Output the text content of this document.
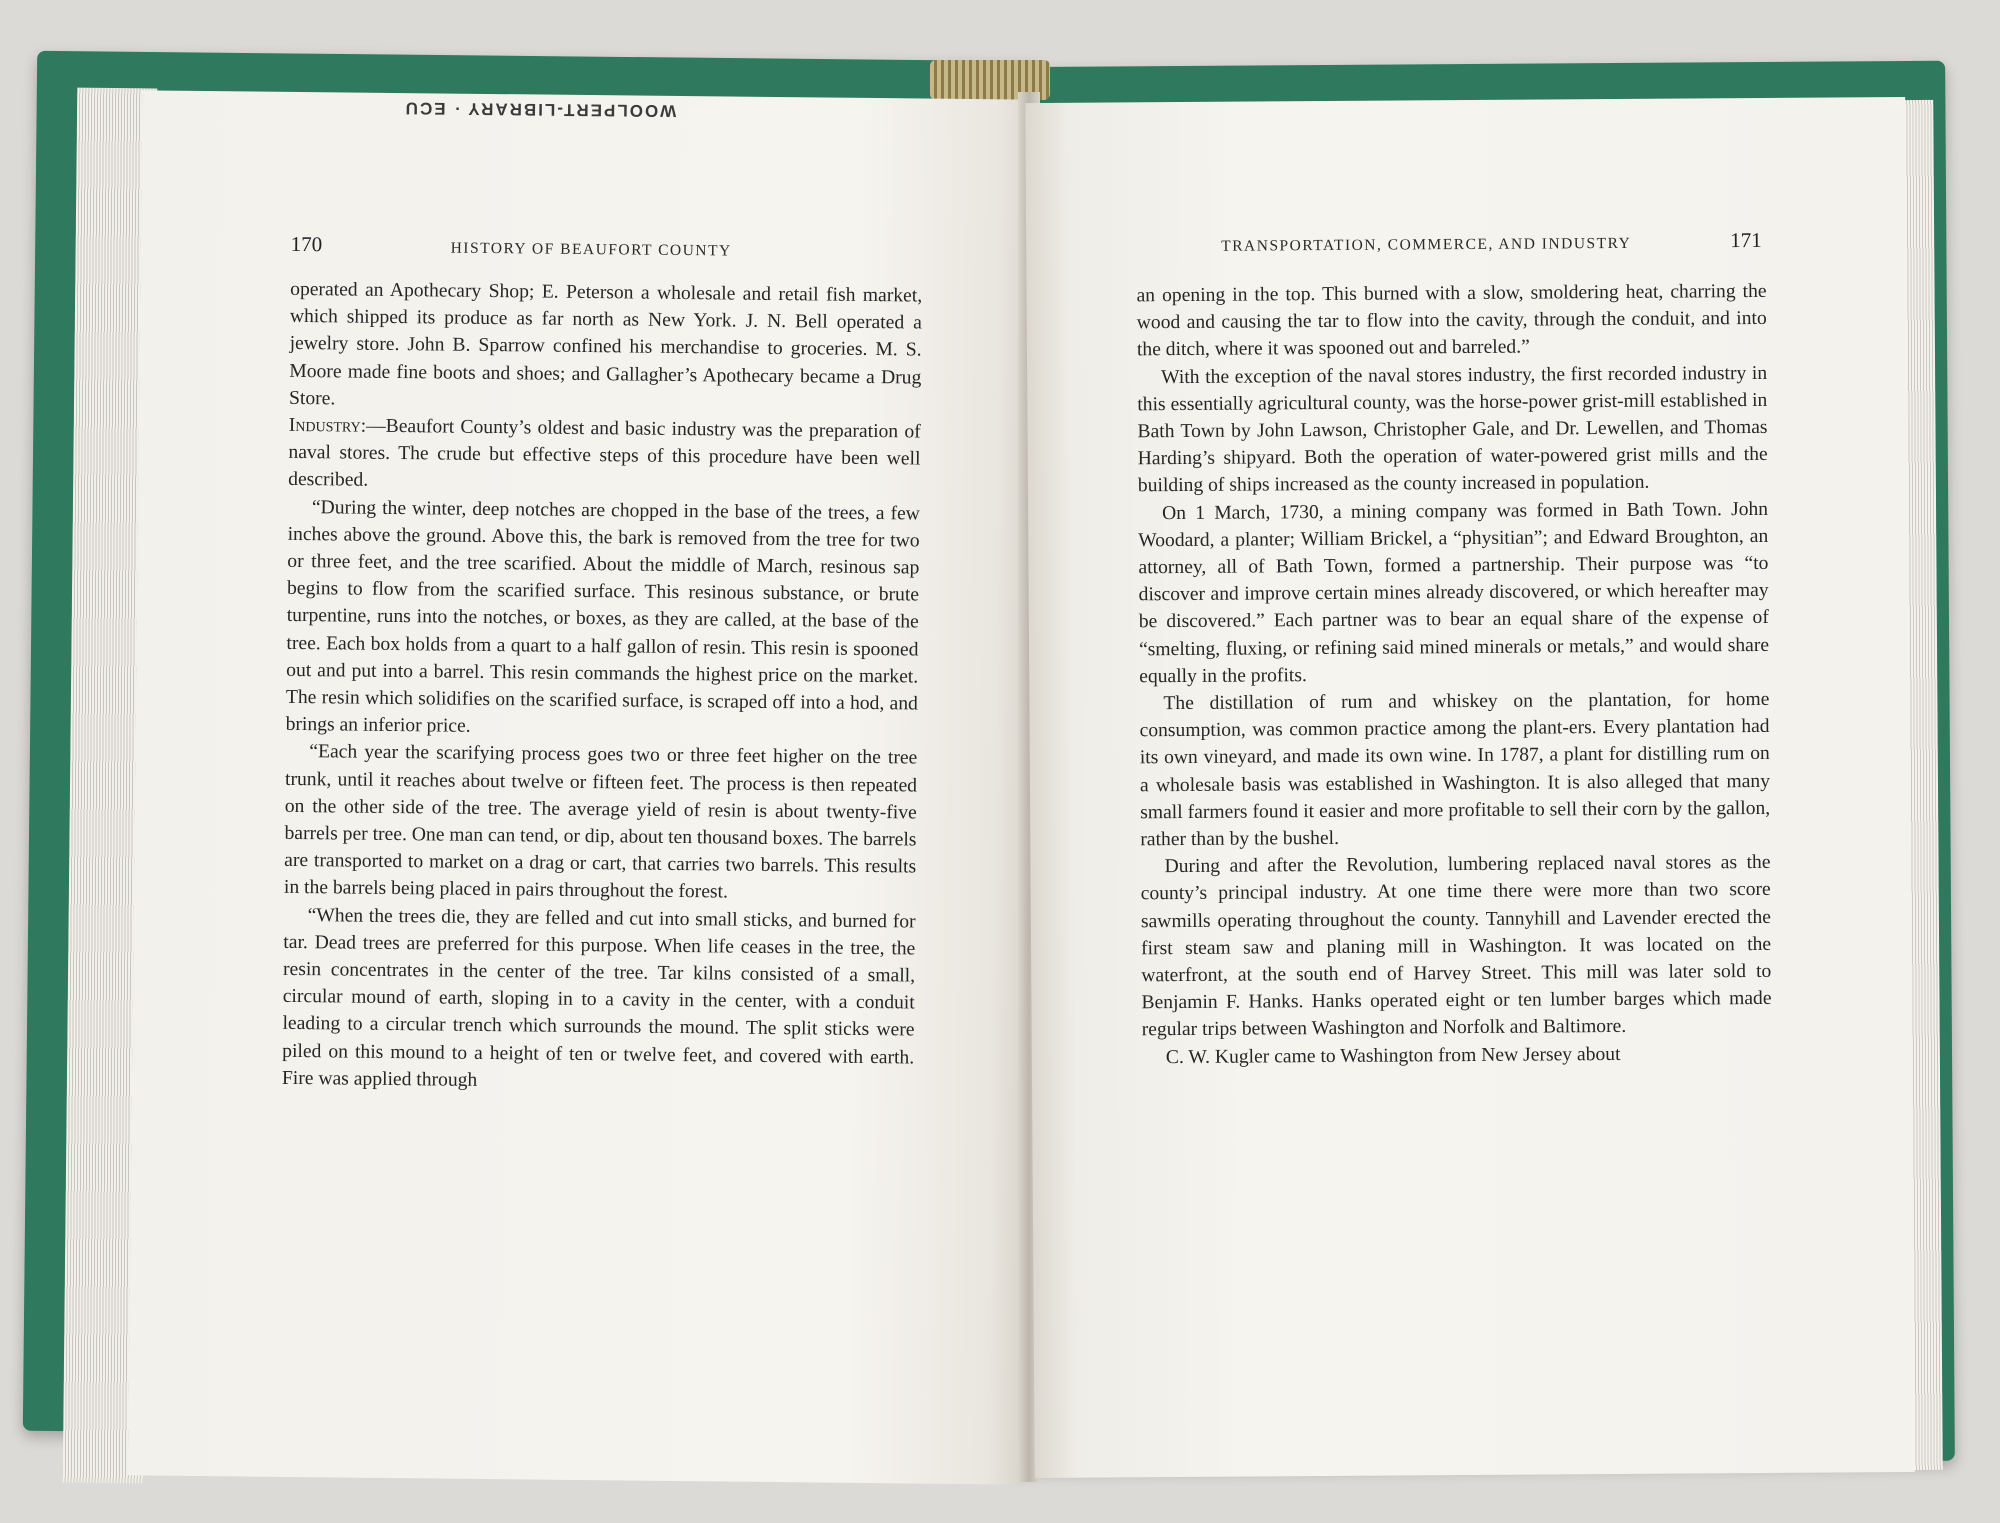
170	HISTORY OF BEAUFORT COUNTY

operated an Apothecary Shop; E. Peterson a wholesale and retail fish market, which shipped its produce as far north as New York. J. N. Bell operated a jewelry store. John B. Sparrow confined his merchandise to groceries. M. S. Moore made fine boots and shoes; and Gallagher’s Apothecary became a Drug Store.

Industry:—Beaufort County’s oldest and basic industry was the preparation of naval stores. The crude but effective steps of this procedure have been well described.

“During the winter, deep notches are chopped in the base of the trees, a few inches above the ground. Above this, the bark is removed from the tree for two or three feet, and the tree scarified. About the middle of March, resinous sap begins to flow from the scarified surface. This resinous substance, or brute turpentine, runs into the notches, or boxes, as they are called, at the base of the tree. Each box holds from a quart to a half gallon of resin. This resin is spooned out and put into a barrel. This resin commands the highest price on the market. The resin which solidifies on the scarified surface, is scraped off into a hod, and brings an inferior price.

“Each year the scarifying process goes two or three feet higher on the tree trunk, until it reaches about twelve or fifteen feet. The process is then repeated on the other side of the tree. The average yield of resin is about twenty-five barrels per tree. One man can tend, or dip, about ten thousand boxes. The barrels are transported to market on a drag or cart, that carries two barrels. This results in the barrels being placed in pairs throughout the forest.

“When the trees die, they are felled and cut into small sticks, and burned for tar. Dead trees are preferred for this purpose. When life ceases in the tree, the resin concentrates in the center of the tree. Tar kilns consisted of a small, circular mound of earth, sloping in to a cavity in the center, with a conduit leading to a circular trench which surrounds the mound. The split sticks were piled on this mound to a height of ten or twelve feet, and covered with earth. Fire was applied through

TRANSPORTATION, COMMERCE, AND INDUSTRY	171

an opening in the top. This burned with a slow, smoldering heat, charring the wood and causing the tar to flow into the cavity, through the conduit, and into the ditch, where it was spooned out and barreled.”

With the exception of the naval stores industry, the first recorded industry in this essentially agricultural county, was the horse-power grist-mill established in Bath Town by John Lawson, Christopher Gale, and Dr. Lewellen, and Thomas Harding’s shipyard. Both the operation of water-powered grist mills and the building of ships increased as the county increased in population.

On 1 March, 1730, a mining company was formed in Bath Town. John Woodard, a planter; William Brickel, a “physitian”; and Edward Broughton, an attorney, all of Bath Town, formed a partnership. Their purpose was “to discover and improve certain mines already discovered, or which hereafter may be discovered.” Each partner was to bear an equal share of the expense of “smelting, fluxing, or refining said mined minerals or metals,” and would share equally in the profits.

The distillation of rum and whiskey on the plantation, for home consumption, was common practice among the plant-ers. Every plantation had its own vineyard, and made its own wine. In 1787, a plant for distilling rum on a wholesale basis was established in Washington. It is also alleged that many small farmers found it easier and more profitable to sell their corn by the gallon, rather than by the bushel.

During and after the Revolution, lumbering replaced naval stores as the county’s principal industry. At one time there were more than two score sawmills operating throughout the county. Tannyhill and Lavender erected the first steam saw and planing mill in Washington. It was located on the waterfront, at the south end of Harvey Street. This mill was later sold to Benjamin F. Hanks. Hanks operated eight or ten lumber barges which made regular trips between Washington and Norfolk and Baltimore.

C. W. Kugler came to Washington from New Jersey about

WOOLPERT-LIBRARY · ECU
